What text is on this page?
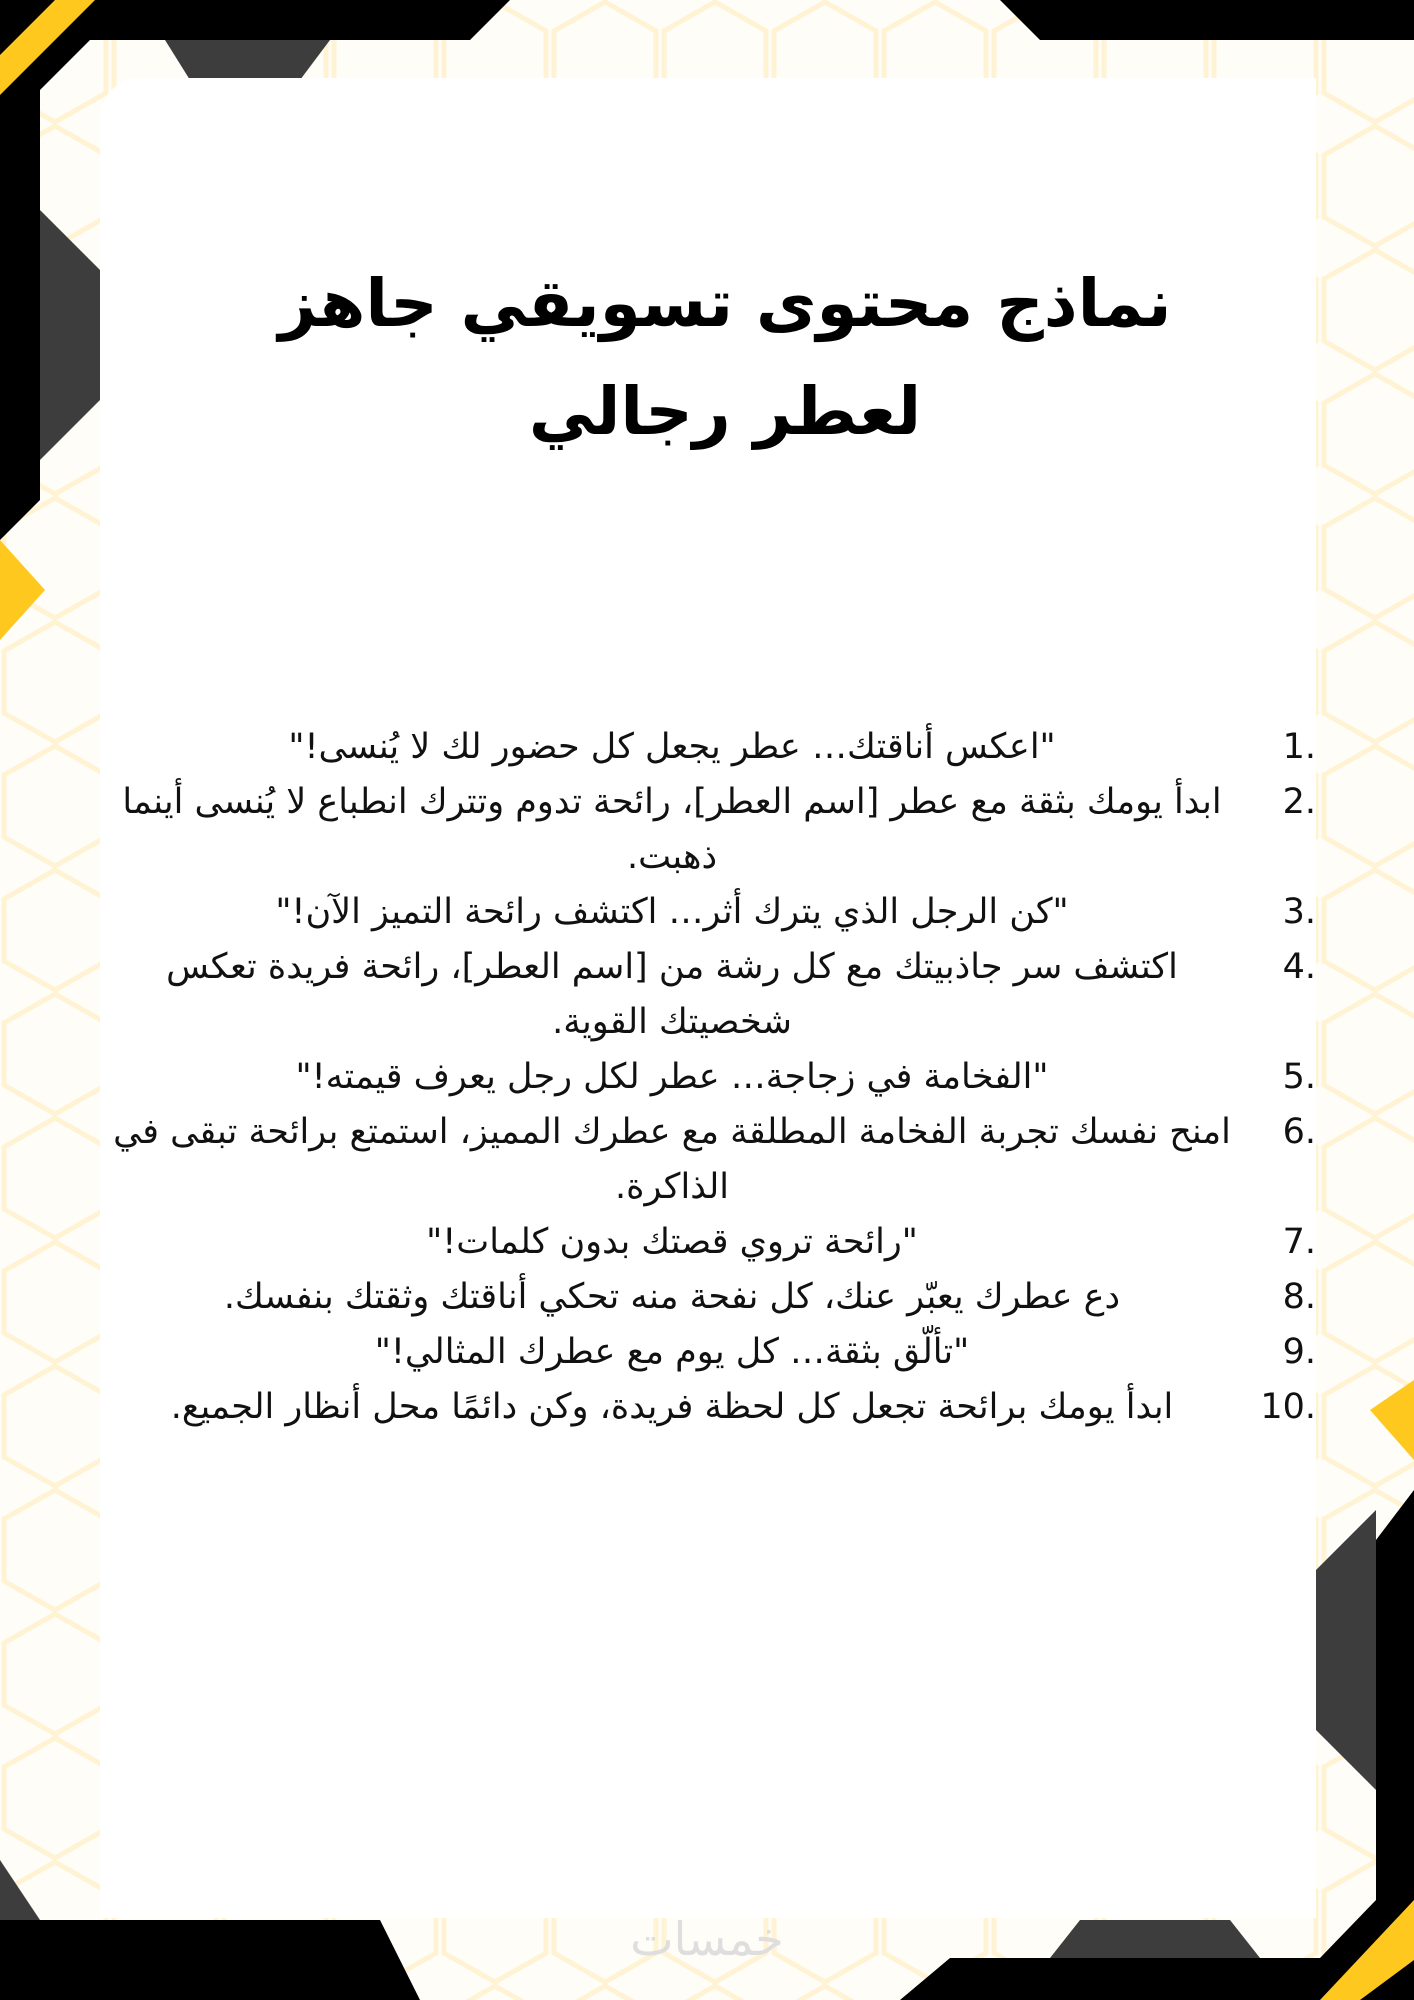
نماذج محتوى تسويقي جاهز لعطر رجالي
1.
"اعكس أناقتك… عطر يجعل كل حضور لك لا يُنسى!"
2.
ابدأ يومك بثقة مع عطر [اسم العطر]، رائحة تدوم وتترك انطباع لا يُنسى أينما ذهبت.
3.
"كن الرجل الذي يترك أثر… اكتشف رائحة التميز الآن!"
4.
اكتشف سر جاذبيتك مع كل رشة من [اسم العطر]، رائحة فريدة تعكس شخصيتك القوية.
5.
"الفخامة في زجاجة… عطر لكل رجل يعرف قيمته!"
6.
امنح نفسك تجربة الفخامة المطلقة مع عطرك المميز، استمتع برائحة تبقى في الذاكرة.
7.
"رائحة تروي قصتك بدون كلمات!"
8.
دع عطرك يعبّر عنك، كل نفحة منه تحكي أناقتك وثقتك بنفسك.
9.
"تألّق بثقة… كل يوم مع عطرك المثالي!"
10.
ابدأ يومك برائحة تجعل كل لحظة فريدة، وكن دائمًا محل أنظار الجميع.
خمسات
